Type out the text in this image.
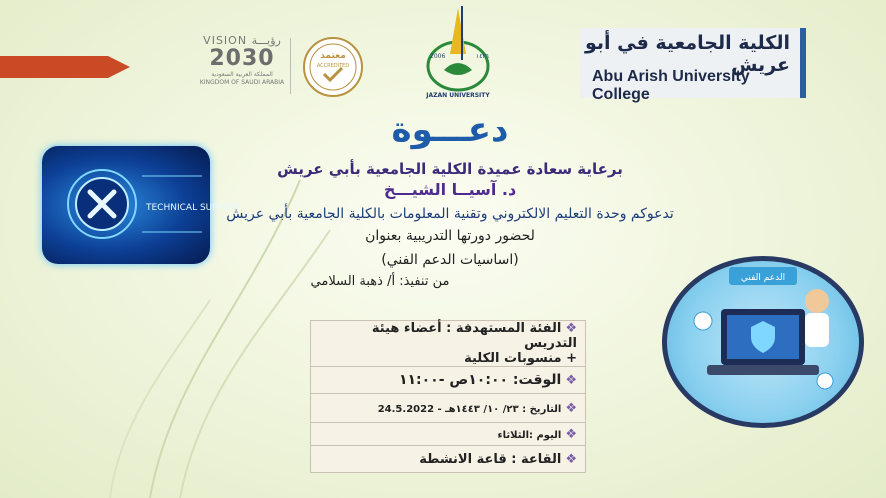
VISION رؤيـــة
2030
المملكة العربية السعودية
KINGDOM OF SAUDI ARABIA
معتمد
ACCREDITED
2006	١٤٢٦
JAZAN UNIVERSITY
الكلية الجامعية في أبو عريش
Abu Arish University College
TECHNICAL SUPPORT
الدعم الفني
دعـــوة
برعاية سعادة عميدة الكلية الجامعية بأبي عريش
د. آسيــا الشيـــخ
تدعوكم وحدة التعليم الالكتروني وتقنية المعلومات بالكلية الجامعية بأبي عريش
لحضور دورتها التدريبية بعنوان
(اساسيات الدعم الفني)
من تنفيذ: أ/ ذهبة السلامي
❖الفئة المستهدفة : أعضاء هيئة التدريس
+ منسوبات الكلية
❖الوقت: ١٠:٠٠ص -١١:٠٠
❖التاريخ : ٢٣/ ١٠/ ١٤٤٣هـ - 24.5.2022
❖اليوم :الثلاثاء
❖القاعة : قاعة الانشطة
